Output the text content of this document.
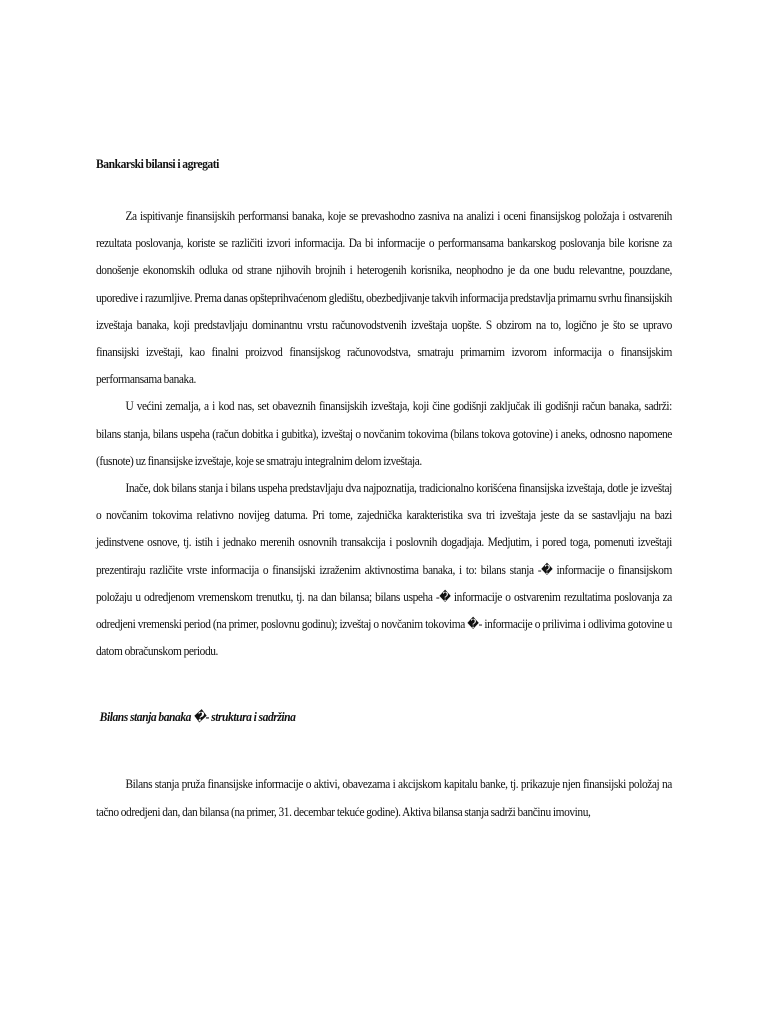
Bankarski bilansi i agregati

Za ispitivanje finansijskih performansi banaka, koje se prevashodno zasniva na analizi i oceni finansijskog položaja i ostvarenih rezultata poslovanja, koriste se različiti izvori informacija. Da bi informacije o performansama bankarskog poslovanja bile korisne za donošenje ekonomskih odluka od strane njihovih brojnih i heterogenih korisnika, neophodno je da one budu relevantne, pouzdane, uporedive i razumljive. Prema danas opšteprihvaćenom gledištu, obezbedjivanje takvih informacija predstavlja primarnu svrhu finansijskih izveštaja banaka, koji predstavljaju dominantnu vrstu računovodstvenih izveštaja uopšte. S obzirom na to, logično je što se upravo finansijski izveštaji, kao finalni proizvod finansijskog računovodstva, smatraju primarnim izvorom informacija o finansijskim performansama banaka.

U većini zemalja, a i kod nas, set obaveznih finansijskih izveštaja, koji čine godišnji zaključak ili godišnji račun banaka, sadrži: bilans stanja, bilans uspeha (račun dobitka i gubitka), izveštaj o novčanim tokovima (bilans tokova gotovine) i aneks, odnosno napomene (fusnote) uz finansijske izveštaje, koje se smatraju integralnim delom izveštaja.

Inače, dok bilans stanja i bilans uspeha predstavljaju dva najpoznatija, tradicionalno korišćena finansijska izveštaja, dotle je izveštaj o novčanim tokovima relativno novijeg datuma. Pri tome, zajednička karakteristika sva tri izveštaja jeste da se sastavljaju na bazi jedinstvene osnove, tj. istih i jednako merenih osnovnih transakcija i poslovnih dogadjaja. Medjutim, i pored toga, pomenuti izveštaji prezentiraju različite vrste informacija o finansijski izraženim aktivnostima banaka, i to: bilans stanja -� informacije o finansijskom položaju u odredjenom vremenskom trenutku, tj. na dan bilansa; bilans uspeha -� informacije o ostvarenim rezultatima poslovanja za odredjeni vremenski period (na primer, poslovnu godinu); izveštaj o novčanim tokovima �- informacije o prilivima i odlivima gotovine u datom obračunskom periodu.

Bilans stanja banaka �- struktura i sadržina

Bilans stanja pruža finansijske informacije o aktivi, obavezama i akcijskom kapitalu banke, tj. prikazuje njen finansijski položaj na tačno odredjeni dan, dan bilansa (na primer, 31. decembar tekuće godine). Aktiva bilansa stanja sadrži bančinu imovinu,
